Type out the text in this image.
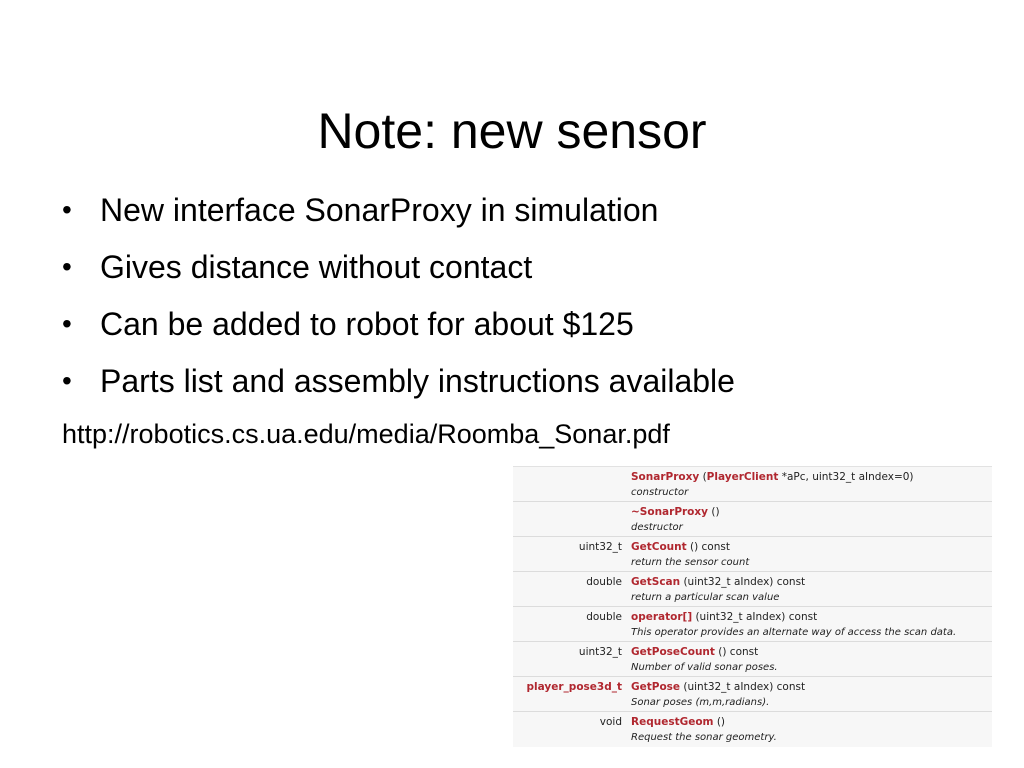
Note: new sensor
• New interface SonarProxy in simulation
• Gives distance without contact
• Can be added to robot for about $125
• Parts list and assembly instructions available
http://robotics.cs.ua.edu/media/Roomba_Sonar.pdf
SonarProxy (PlayerClient *aPc, uint32_t aIndex=0)
constructor
~SonarProxy ()
destructor
uint32_t GetCount () const
return the sensor count
double GetScan (uint32_t aIndex) const
return a particular scan value
double operator[] (uint32_t aIndex) const
This operator provides an alternate way of access the scan data.
uint32_t GetPoseCount () const
Number of valid sonar poses.
player_pose3d_t GetPose (uint32_t aIndex) const
Sonar poses (m,m,radians).
void RequestGeom ()
Request the sonar geometry.
